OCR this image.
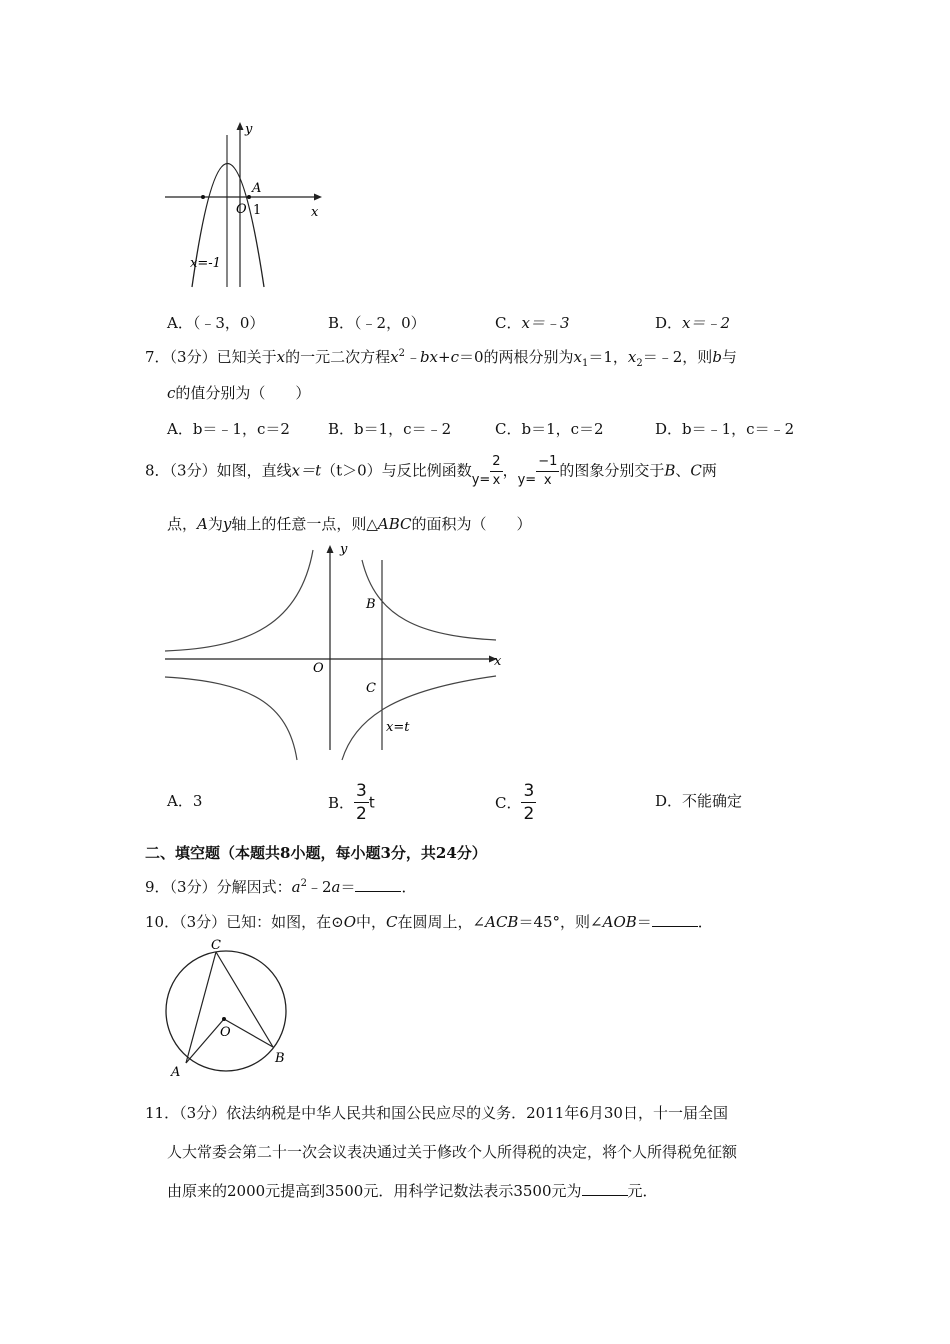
y
x
O 1
A
x=-1
A．（﹣3，0）	B．（﹣2，0）	C．x＝﹣3	D．x＝﹣2
7．（3分）已知关于x的一元二次方程$x^2﹣bx+c=0$的两根分别为$x_1=1$，$x_2=﹣2$，则b与
c的值分别为（　　）
A．b＝﹣1，c＝2	B．b＝1，c＝﹣2	C．b＝1，c＝2	D．b＝﹣1，c＝﹣2
8．（3分）如图，直线x＝t（t＞0）与反比例函数$y= \frac{2}{x}$ ，$y= \frac{-1}{x}$ 的图象分别交于B、C两
点，A为y轴上的任意一点，则△ABC的面积为（　　）
y
x
O
B
C
x=t
A．3	B． $\frac{3}{2}$ t	C． $\frac{3}{2}$	D．不能确定
二、填空题（本题共8小题，每小题3分，共24分）
9．（3分）分解因式：$a^2﹣2a=$	．
10．（3分）已知：如图，在⊙O中，C在圆周上，∠ACB＝45°，则∠AOB＝	．
C
O
A
B
11．（3分）依法纳税是中华人民共和国公民应尽的义务．2011年6月30日，十一届全国
人大常委会第二十一次会议表决通过关于修改个人所得税的决定，将个人所得税免征额
由原来的2000元提高到3500元．用科学记数法表示3500元为	元．
